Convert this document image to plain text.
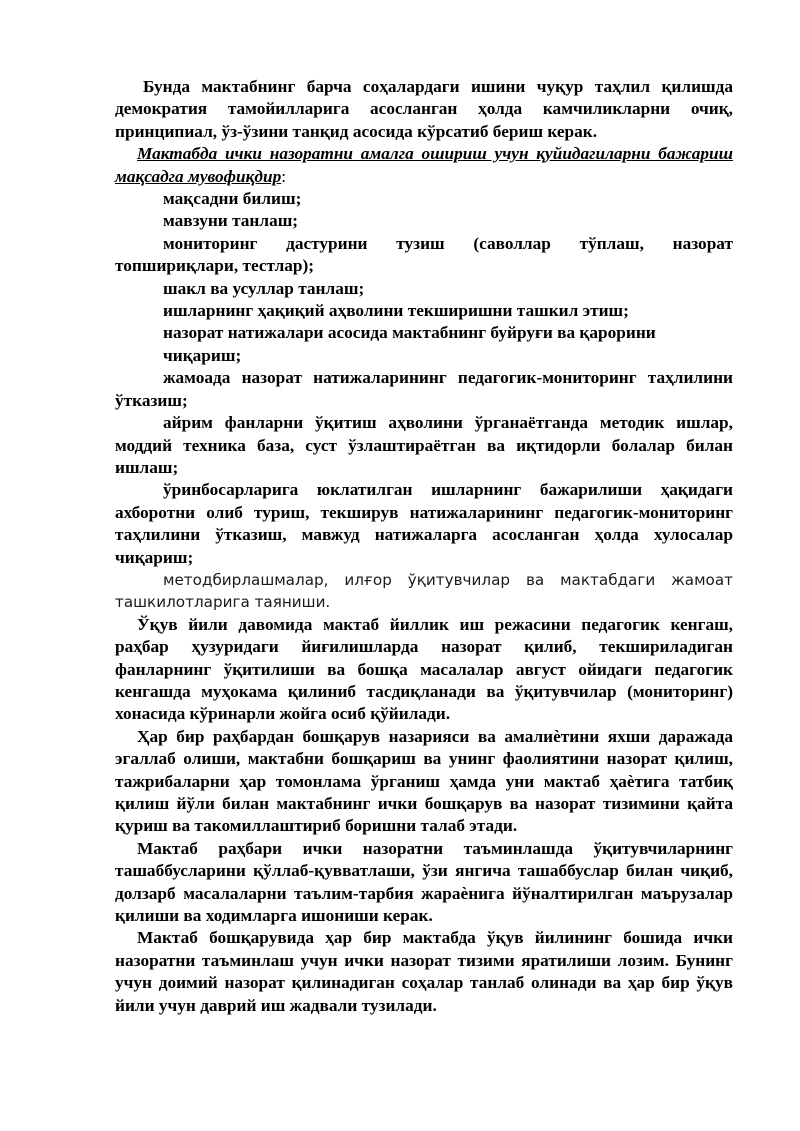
Бунда мактабнинг барча соҳалардаги ишини чуқур таҳлил қилишда демократия тамойилларига асосланган ҳолда камчиликларни очиқ, принципиал, ўз-ўзини танқид асосида кўрсатиб бериш керак.

Мактабда ички назоратни амалга ошириш учун қуйидагиларни бажариш мақсадга мувофиқдир:

мақсадни билиш;

мавзуни танлаш;

мониторинг дастурини тузиш (саволлар тўплаш, назорат топшириқлари, тестлар);

шакл ва усуллар танлаш;

ишларнинг ҳақиқий аҳволини текширишни ташкил этиш;

назорат натижалари асосида мактабнинг буйруғи ва қарорини чиқариш;

жамоада назорат натижаларининг педагогик-мониторинг таҳлилини ўтказиш;

айрим фанларни ўқитиш аҳволини ўрганаётганда методик ишлар, моддий техника база, суст ўзлаштираётган ва иқтидорли болалар билан ишлаш;

ўринбосарларига юклатилган ишларнинг бажарилиши ҳақидаги ахборотни олиб туриш, текширув натижаларининг педагогик-мониторинг таҳлилини ўтказиш, мавжуд натижаларга асосланган ҳолда хулосалар чиқариш;

методбирлашмалар, илғор ўқитувчилар ва мактабдаги жамоат ташкилотларига таяниши.

Ўқув йили давомида мактаб йиллик иш режасини педагогик кенгаш, раҳбар ҳузуридаги йиғилишларда назорат қилиб, текшириладиган фанларнинг ўқитилиши ва бошқа масалалар август ойидаги педагогик кенгашда муҳокама қилиниб тасдиқланади ва ўқитувчилар (мониторинг) хонасида кўринарли жойга осиб қўйилади.

Ҳар бир раҳбардан бошқарув назарияси ва амалиѐтини яхши даражада эгаллаб олиши, мактабни бошқариш ва унинг фаолиятини назорат қилиш, тажрибаларни ҳар томонлама ўрганиш ҳамда уни мактаб ҳаѐтига татбиқ қилиш йўли билан мактабнинг ички бошқарув ва назорат тизимини қайта қуриш ва такомиллаштириб боришни талаб этади.

Мактаб раҳбари ички назоратни таъминлашда ўқитувчиларнинг ташаббусларини қўллаб-қувватлаши, ўзи янгича ташаббуслар билан чиқиб, долзарб масалаларни таълим-тарбия жараѐнига йўналтирилган маърузалар қилиши ва ходимларга ишониши керак.

Мактаб бошқарувида ҳар бир мактабда ўқув йилининг бошида ички назоратни таъминлаш учун ички назорат тизими яратилиши лозим. Бунинг учун доимий назорат қилинадиган соҳалар танлаб олинади ва ҳар бир ўқув йили учун даврий иш жадвали тузилади.
